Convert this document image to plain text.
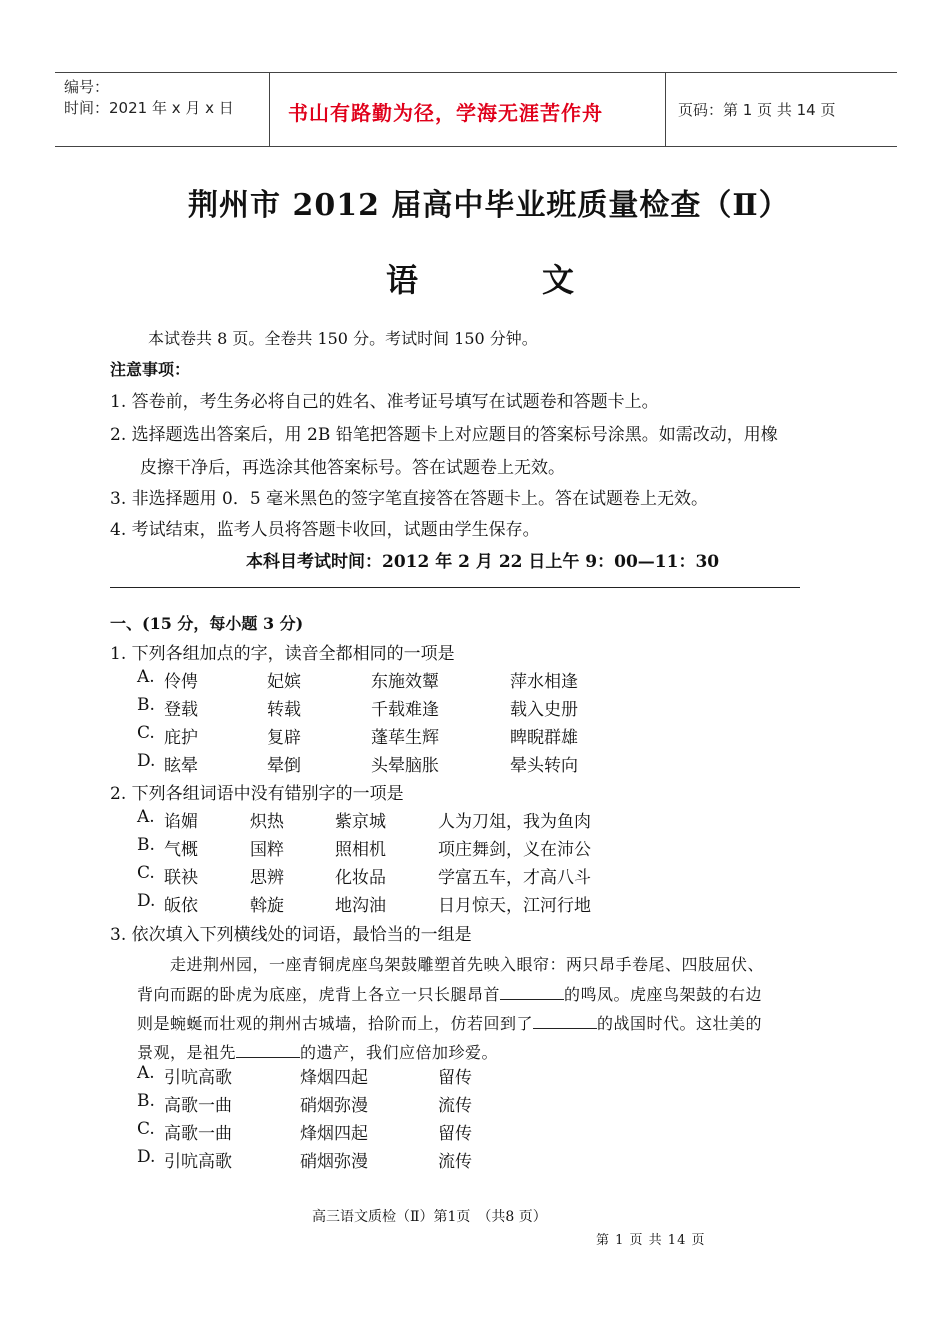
编号：
时间：2021 年 x 月 x 日	书山有路勤为径，学海无涯苦作舟	页码：第 1 页 共 14 页
荆州市 2012 届高中毕业班质量检查（Ⅱ）
语　　文
本试卷共 8 页。全卷共 150 分。考试时间 150 分钟。
注意事项：
1. 答卷前，考生务必将自己的姓名、准考证号填写在试题卷和答题卡上。
2. 选择题选出答案后，用 2B 铅笔把答题卡上对应题目的答案标号涂黑。如需改动，用橡
皮擦干净后，再选涂其他答案标号。答在试题卷上无效。
3. 非选择题用 0．5 毫米黑色的签字笔直接答在答题卡上。答在试题卷上无效。
4. 考试结束，监考人员将答题卡收回，试题由学生保存。
本科目考试时间：2012 年 2 月 22 日上午 9：00—11：30
一、(15 分，每小题 3 分)
1. 下列各组加点的字，读音全都相同的一项是
A. 伶俜	妃嫔	东施效颦	萍水相逢
B. 登载	转载	千载难逢	载入史册
C. 庇护	复辟	蓬荜生辉	睥睨群雄
D. 眩晕	晕倒	头晕脑胀	晕头转向
2. 下列各组词语中没有错别字的一项是
A. 谄媚	炽热	紫京城	人为刀俎，我为鱼肉
B. 气概	国粹	照相机	项庄舞剑，义在沛公
C. 联袂	思辨	化妆品	学富五车，才高八斗
D. 皈依	斡旋	地沟油	日月惊天，江河行地
3. 依次填入下列横线处的词语，最恰当的一组是
走进荆州园，一座青铜虎座鸟架鼓雕塑首先映入眼帘：两只昂手卷尾、四肢屈伏、
背向而踞的卧虎为底座，虎背上各立一只长腿昂首	的鸣凤。虎座鸟架鼓的右边
则是蜿蜒而壮观的荆州古城墙，拾阶而上，仿若回到了	的战国时代。这壮美的
景观，是祖先	的遗产，我们应倍加珍爱。
A. 引吭高歌	烽烟四起	留传
B. 高歌一曲	硝烟弥漫	流传
C. 高歌一曲	烽烟四起	留传
D. 引吭高歌	硝烟弥漫	流传
高三语文质检（Ⅱ）第1页　（共8 页）
第 1 页 共 14 页
